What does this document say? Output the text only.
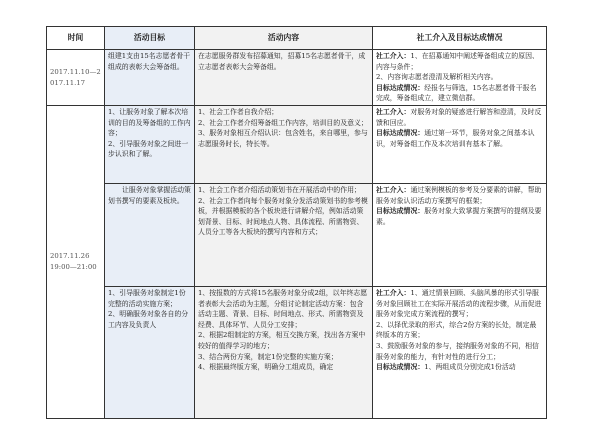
时间	活动目标	活动内容	社工介入及目标达成情况
2017.11.10—2017.11.17	组建1支由15名志愿者骨干组成的表彰大会筹备组。	在志愿服务群发布招募通知，招募15名志愿者骨干，成立志愿者表彰大会筹备组。	社工介入：1、在招募通知中阐述筹备组成立的原因、内容与条件；
2、内容询志愿者澄清及解析相关内容。
目标达成情况：经报名与筛选，15名志愿者骨干报名完成，筹备组成立，建立微信群。

2017.11.26
19:00—21:00	1、让服务对象了解本次培训的目的及筹备组的工作内容；
2、引导服务对象之间进一步认识和了解。	1、社会工作者自我介绍；
2、社会工作者介绍筹备组工作内容，培训目的及意义；
3、服务对象相互介绍认识：包含姓名，来自哪里，参与志愿服务时长，特长等。	社工介入：对服务对象的疑惑进行解答和澄清，及时反馈和回应。
目标达成情况：通过第一环节，服务对象之间基本认识，对筹备组工作及本次培训有基本了解。

	让服务对象掌握活动策划书撰写的要素及板块。	1、社会工作者介绍活动策划书在开展活动中的作用；
2、社会工作者向每个服务对象分发活动策划书的参考模板，并根据模板的各个板块进行讲解介绍，例如活动策划背景、目标、时间地点人物、具体流程、所需物资、人员分工等各大板块的撰写内容和方式；	社工介入：通过案例模板的参考及分要素的讲解，帮助服务对象认识活动方案撰写的框架；
目标达成情况：服务对象大致掌握方案撰写的提纲及要素。

	1、引导服务对象制定1份完整的活动实施方案；
2、明确服务对象各自的分工内容及负责人	1、按报数的方式将15名服务对象分成2组，以年终志愿者表彰大会活动为主题，分组讨论制定活动方案：包含活动主题、背景、目标、时间地点、形式、所需物资及经费、具体环节、人员分工安排；
2、根据2组制定的方案，相互交换方案，找出各方案中较好的值得学习的地方；
3、结合两份方案，制定1份完整的实施方案；
4、根据最终版方案，明确分工组成员，确定	社工介入：1、通过情景回顾、头脑风暴的形式引导服务对象回顾社工在实际开展活动的流程步骤，从而促进服务对象完成方案流程的撰写；
2、以择优录取的形式，综合2份方案的长处，制定最终版本的方案；
3、鼓励服务对象的参与，接纳服务对象的不同，相信服务对象的能力，有针对性的进行分工；
目标达成情况：1、两组成员分别完成1份活动
